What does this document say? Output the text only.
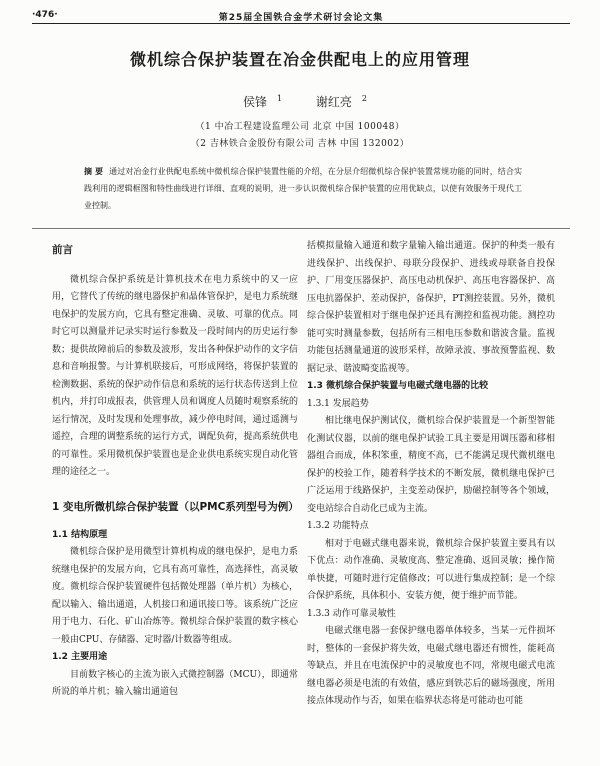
·476·	第25届全国铁合金学术研讨会论文集
微机综合保护装置在冶金供配电上的应用管理
侯锋 $^1$	谢红亮 $^2$
（1 中冶工程建设监理公司 北京 中国 100048）
（2 吉林铁合金股份有限公司 吉林 中国 132002）
摘 要 通过对冶金行业供配电系统中微机综合保护装置性能的介绍，在分层介绍微机综合保护装置常规功能的同时，结合实践利用的逻辑框图和特性曲线进行详细、直观的说明，进一步认识微机综合保护装置的应用优缺点，以使有效服务于现代工业控制。
前言

微机综合保护系统是计算机技术在电力系统中的又一应用，它替代了传统的继电器保护和晶体管保护，是电力系统继电保护的发展方向，它具有整定准确、灵敏、可靠的优点。同时它可以测量并记录实时运行参数及一段时间内的历史运行参数；提供故障前后的参数及波形，发出各种保护动作的文字信息和音响报警。与计算机联接后，可形成网络，将保护装置的检测数据、系统的保护动作信息和系统的运行状态传送到上位机内，并打印成报表，供管理人员和调度人员随时观察系统的运行情况，及时发现和处理事故，减少停电时间，通过遥测与遥控，合理的调整系统的运行方式，调配负荷，提高系统供电的可靠性。采用微机保护装置也是企业供电系统实现自动化管理的途径之一。

1 变电所微机综合保护装置（以PMC系列型号为例）
1.1 结构原理

微机综合保护是用微型计算机构成的继电保护，是电力系统继电保护的发展方向，它具有高可靠性，高选择性，高灵敏度。微机综合保护装置硬件包括微处理器（单片机）为核心，配以输入、输出通道，人机接口和通讯接口等。该系统广泛应用于电力、石化、矿山冶炼等。微机综合保护装置的数字核心一般由CPU、存储器、定时器/计数器等组成。

1.2 主要用途

目前数字核心的主流为嵌入式微控制器（MCU），即通常所说的单片机；输入输出通道包

括模拟量输入通道和数字量输入输出通道。保护的种类一般有进线保护、出线保护、母联分段保护、进线或母联备自投保护、厂用变压器保护、高压电动机保护、高压电容器保护、高压电抗器保护、差动保护，备保护，PT测控装置。另外，微机综合保护装置相对于继电保护还具有测控和监视功能。测控功能可实时测量参数，包括所有三相电压参数和谐波含量。监视功能包括测量通道的波形采样，故障录波、事故预警监视、数据记录、谐波畸变监视等。

1.3 微机综合保护装置与电磁式继电器的比较
1.3.1 发展趋势

相比继电保护测试仪，微机综合保护装置是一个新型智能化测试仪器，以前的继电保护试验工具主要是用调压器和移相器组合而成，体积笨重，精度不高，已不能满足现代微机继电保护的校验工作，随着科学技术的不断发展，微机继电保护已广泛运用于线路保护，主变差动保护，励磁控制等各个领域，变电站综合自动化已成为主流。

1.3.2 功能特点

相对于电磁式继电器来说，微机综合保护装置主要具有以下优点：动作准确、灵敏度高、整定准确、返回灵敏；操作简单快捷，可随时进行定值修改；可以进行集成控制；是一个综合保护系统，具体积小、安装方便，便于维护而节能。

1.3.3 动作可靠灵敏性

电磁式继电器一套保护继电器单体较多，当某一元件损坏时，整体的一套保护将失效，电磁式继电器还有惯性，能耗高等缺点，并且在电流保护中的灵敏度也不同，常规电磁式电流继电器必须是电流的有效值，感应到铁芯后的磁场强度，所用接点体现动作与否，如果在临界状态将是可能动也可能
